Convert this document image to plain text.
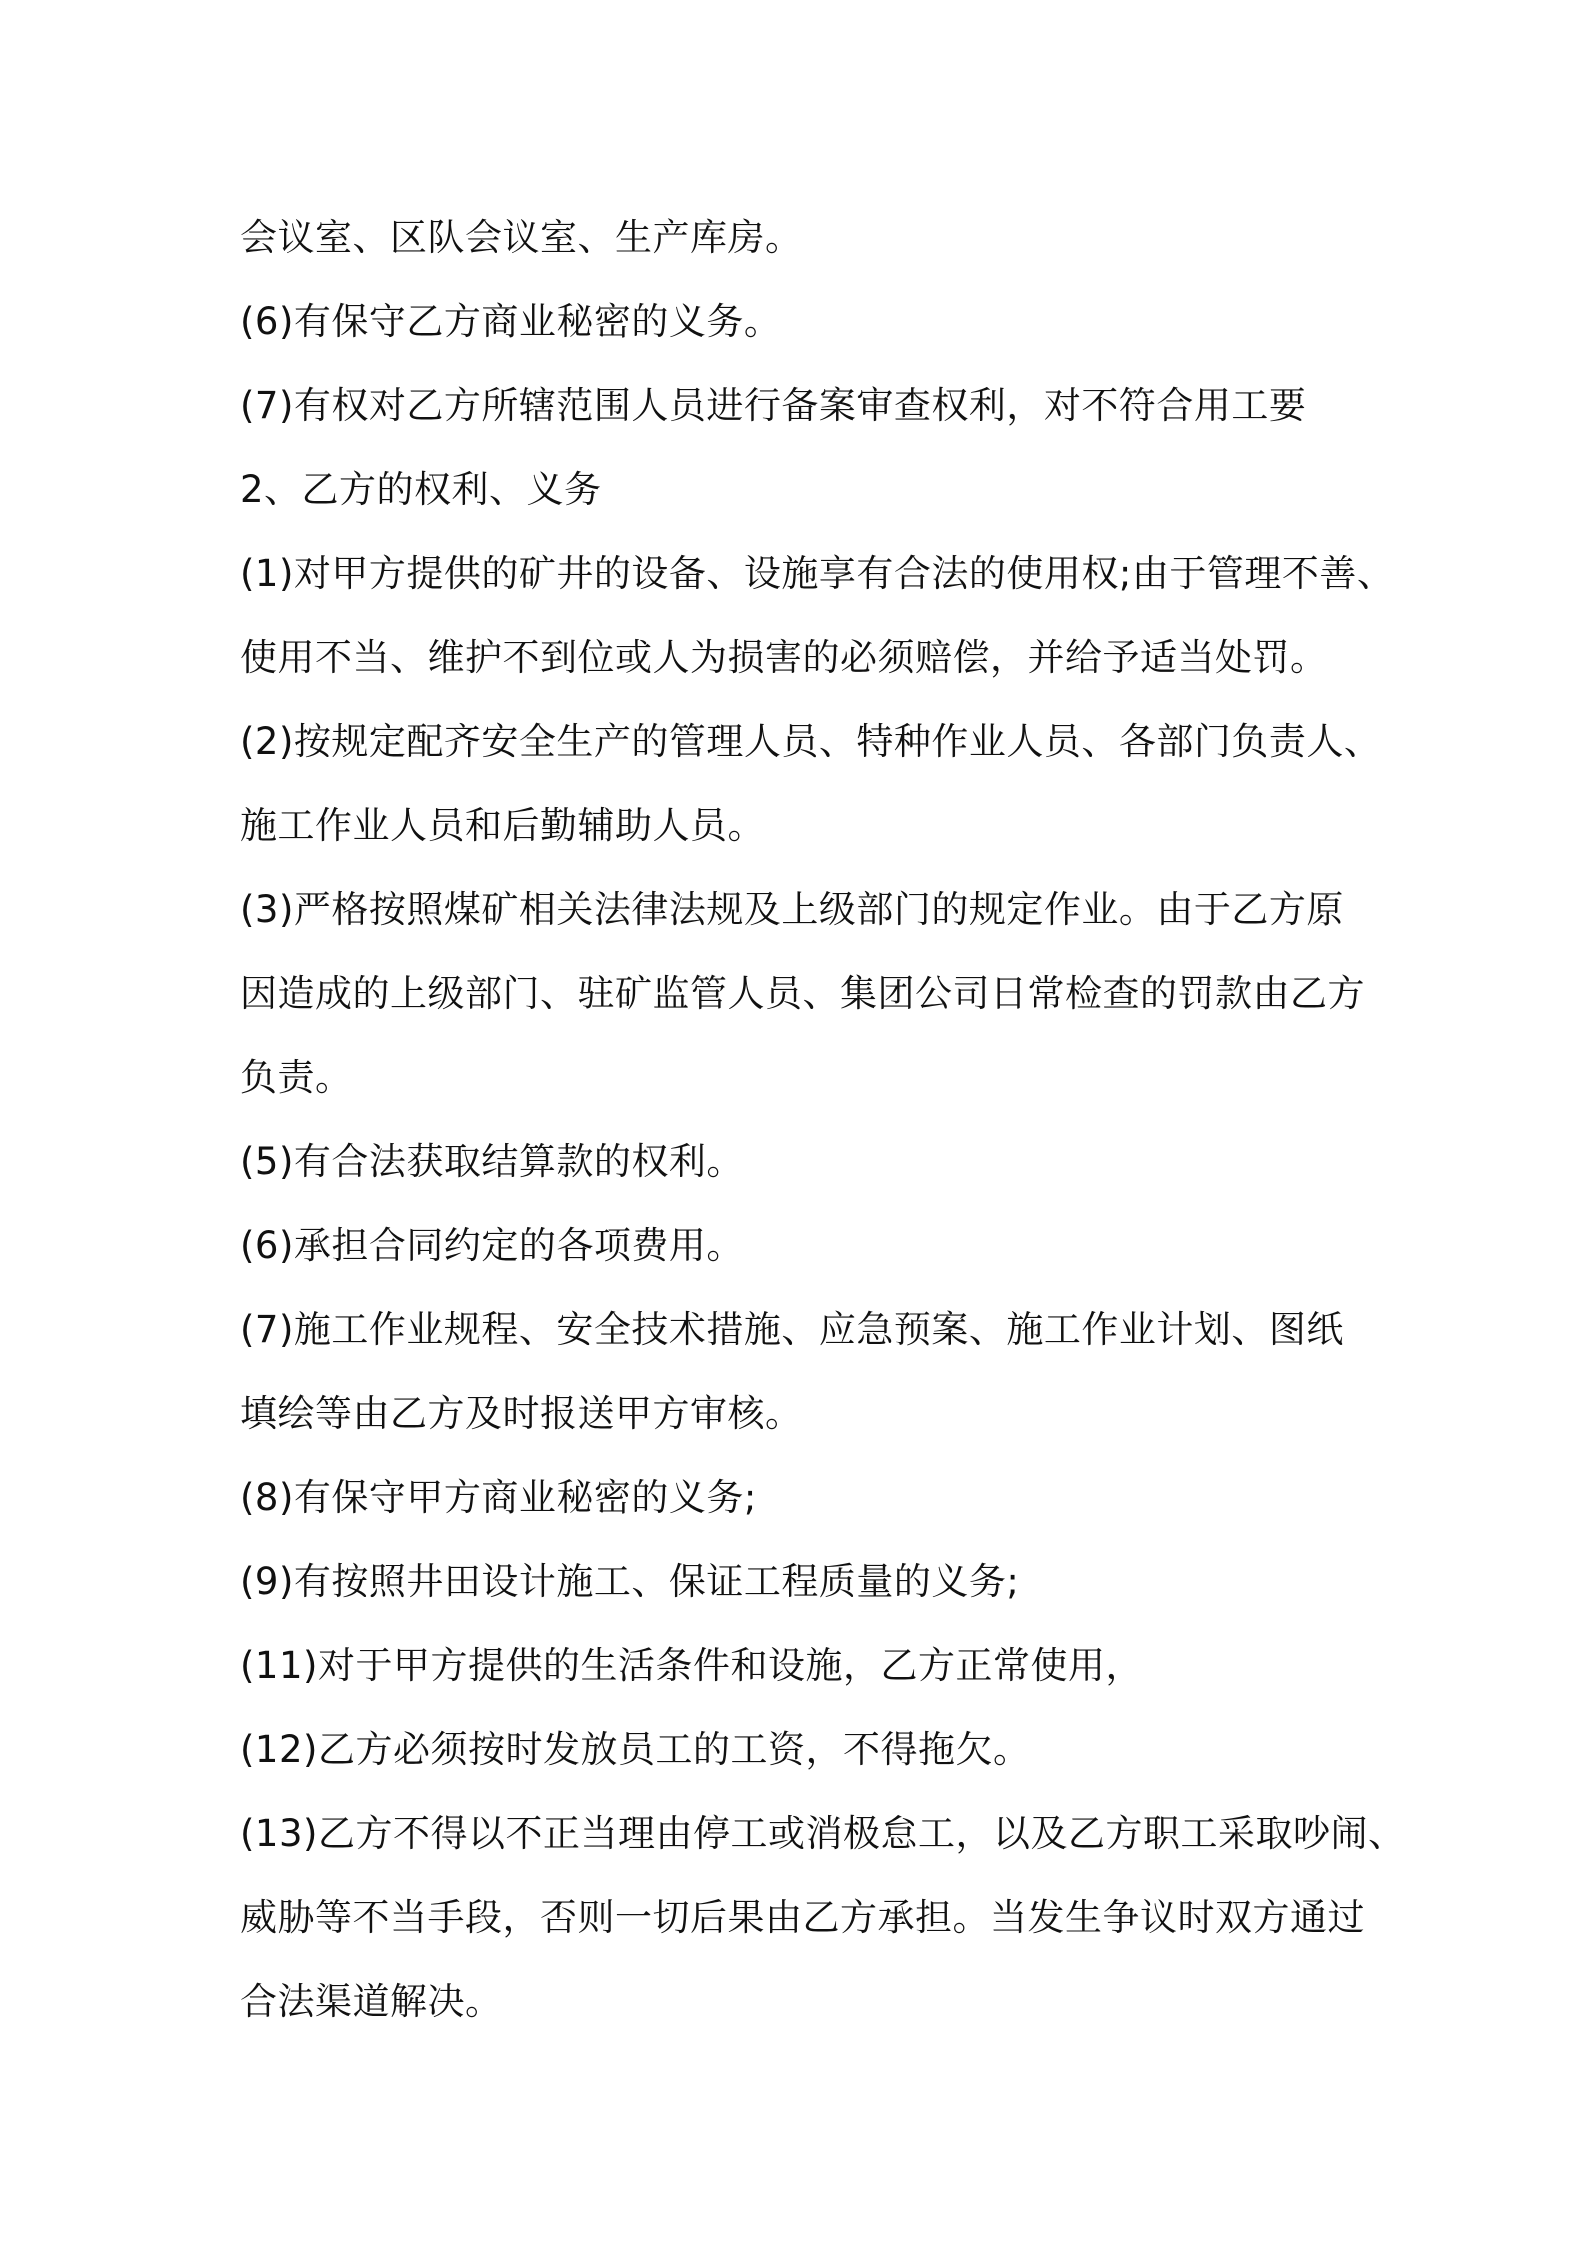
会议室、区队会议室、生产库房。
(6)有保守乙方商业秘密的义务。
(7)有权对乙方所辖范围人员进行备案审查权利，对不符合用工要
2、乙方的权利、义务
(1)对甲方提供的矿井的设备、设施享有合法的使用权;由于管理不善、
使用不当、维护不到位或人为损害的必须赔偿，并给予适当处罚。
(2)按规定配齐安全生产的管理人员、特种作业人员、各部门负责人、
施工作业人员和后勤辅助人员。
(3)严格按照煤矿相关法律法规及上级部门的规定作业。由于乙方原
因造成的上级部门、驻矿监管人员、集团公司日常检查的罚款由乙方
负责。
(5)有合法获取结算款的权利。
(6)承担合同约定的各项费用。
(7)施工作业规程、安全技术措施、应急预案、施工作业计划、图纸
填绘等由乙方及时报送甲方审核。
(8)有保守甲方商业秘密的义务;
(9)有按照井田设计施工、保证工程质量的义务;
(11)对于甲方提供的生活条件和设施，乙方正常使用，
(12)乙方必须按时发放员工的工资，不得拖欠。
(13)乙方不得以不正当理由停工或消极怠工，以及乙方职工采取吵闹、
威胁等不当手段，否则一切后果由乙方承担。当发生争议时双方通过
合法渠道解决。
